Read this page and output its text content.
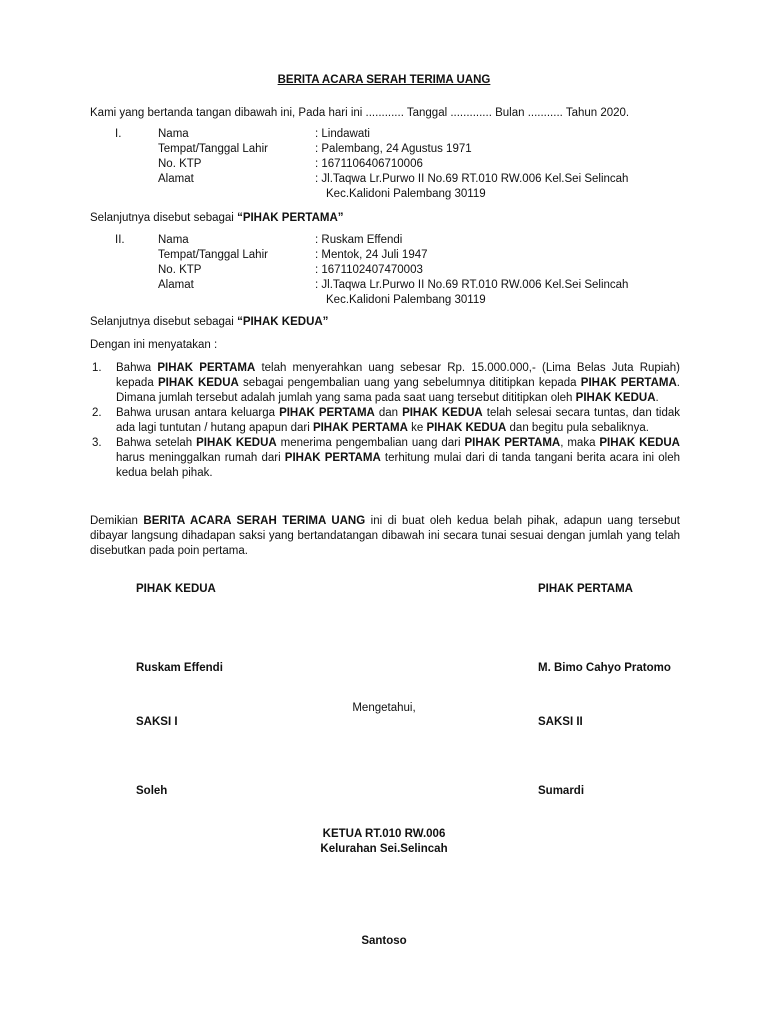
BERITA ACARA SERAH TERIMA UANG
Kami yang bertanda tangan dibawah ini, Pada hari ini ............ Tanggal ............. Bulan ........... Tahun 2020.
I.	Nama	: Lindawati
Tempat/Tanggal Lahir	: Palembang, 24 Agustus 1971
No. KTP	: 1671106406710006
Alamat	: Jl.Taqwa Lr.Purwo II No.69 RT.010 RW.006 Kel.Sei Selincah
Kec.Kalidoni Palembang 30119
Selanjutnya disebut sebagai “PIHAK PERTAMA”
II.	Nama	: Ruskam Effendi
Tempat/Tanggal Lahir	: Mentok, 24 Juli 1947
No. KTP	: 1671102407470003
Alamat	: Jl.Taqwa Lr.Purwo II No.69 RT.010 RW.006 Kel.Sei Selincah
Kec.Kalidoni Palembang 30119
Selanjutnya disebut sebagai “PIHAK KEDUA”
Dengan ini menyatakan :
1.	Bahwa PIHAK PERTAMA telah menyerahkan uang sebesar Rp. 15.000.000,- (Lima Belas Juta Rupiah) kepada PIHAK KEDUA sebagai pengembalian uang yang sebelumnya dititipkan kepada PIHAK PERTAMA. Dimana jumlah tersebut adalah jumlah yang sama pada saat uang tersebut dititipkan oleh PIHAK KEDUA.
2.	Bahwa urusan antara keluarga PIHAK PERTAMA dan PIHAK KEDUA telah selesai secara tuntas, dan tidak ada lagi tuntutan / hutang apapun dari PIHAK PERTAMA ke PIHAK KEDUA dan begitu pula sebaliknya.
3.	Bahwa setelah PIHAK KEDUA menerima pengembalian uang dari PIHAK PERTAMA, maka PIHAK KEDUA harus meninggalkan rumah dari PIHAK PERTAMA terhitung mulai dari di tanda tangani berita acara ini oleh kedua belah pihak.
Demikian BERITA ACARA SERAH TERIMA UANG ini di buat oleh kedua belah pihak, adapun uang tersebut dibayar langsung dihadapan saksi yang bertandatangan dibawah ini secara tunai sesuai dengan jumlah yang telah disebutkan pada poin pertama.
PIHAK KEDUA	PIHAK PERTAMA
Ruskam Effendi	M. Bimo Cahyo Pratomo
Mengetahui,
SAKSI I	SAKSI II
Soleh	Sumardi
KETUA RT.010 RW.006
Kelurahan Sei.Selincah
Santoso
